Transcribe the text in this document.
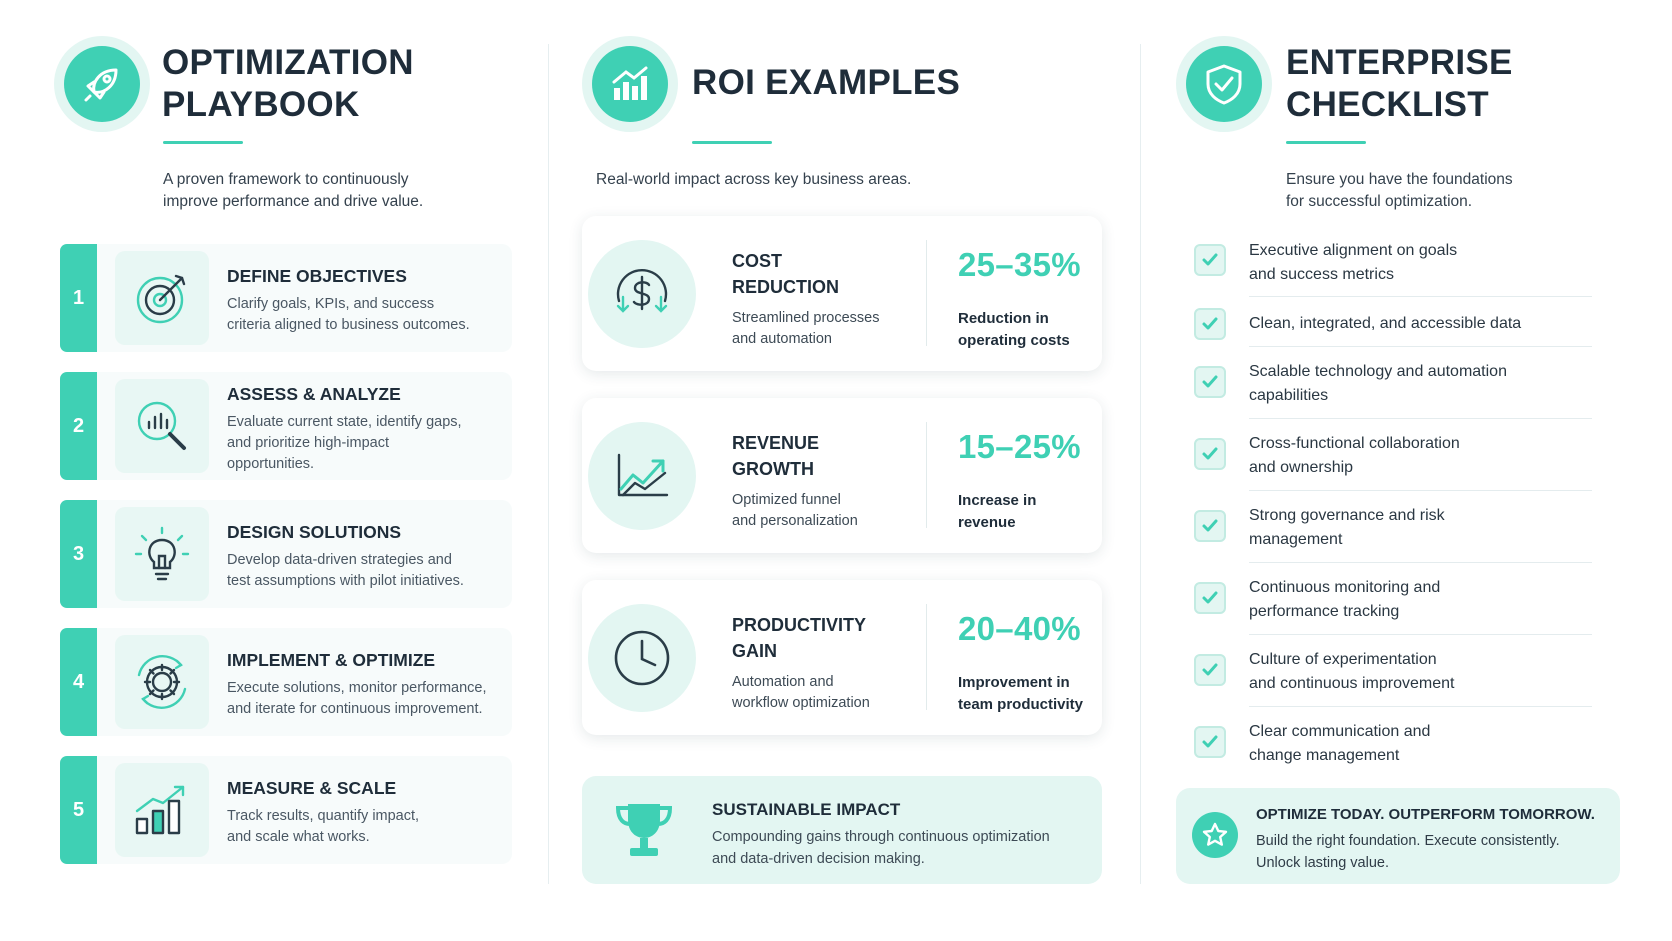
OPTIMIZATION
PLAYBOOK
A proven framework to continuously
improve performance and drive value.
1
DEFINE OBJECTIVES
Clarify goals, KPIs, and success
criteria aligned to business outcomes.
2
ASSESS & ANALYZE
Evaluate current state, identify gaps,
and prioritize high-impact
opportunities.
3
DESIGN SOLUTIONS
Develop data-driven strategies and
test assumptions with pilot initiatives.
4
IMPLEMENT & OPTIMIZE
Execute solutions, monitor performance,
and iterate for continuous improvement.
5
MEASURE & SCALE
Track results, quantify impact,
and scale what works.
ROI EXAMPLES
Real-world impact across key business areas.
COST
REDUCTION
Streamlined processes
and automation
25–35%
Reduction in
operating costs
REVENUE
GROWTH
Optimized funnel
and personalization
15–25%
Increase in
revenue
PRODUCTIVITY
GAIN
Automation and
workflow optimization
20–40%
Improvement in
team productivity
SUSTAINABLE IMPACT
Compounding gains through continuous optimization
and data-driven decision making.
ENTERPRISE
CHECKLIST
Ensure you have the foundations
for successful optimization.
Executive alignment on goals
and success metrics
Clean, integrated, and accessible data
Scalable technology and automation
capabilities
Cross-functional collaboration
and ownership
Strong governance and risk
management
Continuous monitoring and
performance tracking
Culture of experimentation
and continuous improvement
Clear communication and
change management
OPTIMIZE TODAY. OUTPERFORM TOMORROW.
Build the right foundation. Execute consistently.
Unlock lasting value.
